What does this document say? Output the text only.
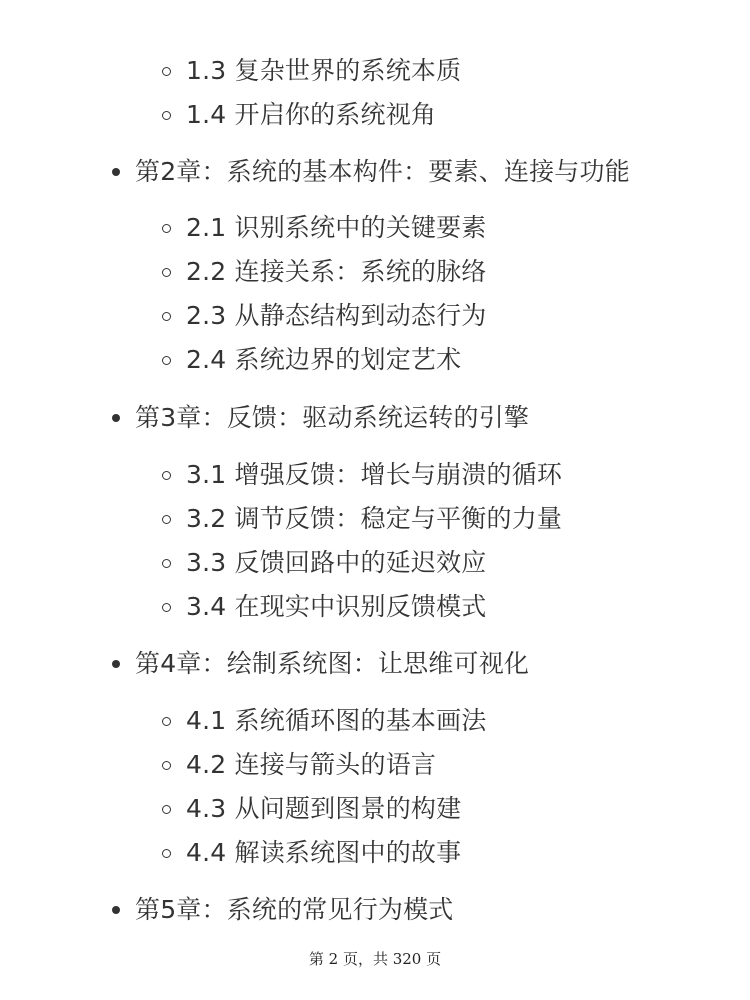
1.3 复杂世界的系统本质
1.4 开启你的系统视角
第2章：系统的基本构件：要素、连接与功能
2.1 识别系统中的关键要素
2.2 连接关系：系统的脉络
2.3 从静态结构到动态行为
2.4 系统边界的划定艺术
第3章：反馈：驱动系统运转的引擎
3.1 增强反馈：增长与崩溃的循环
3.2 调节反馈：稳定与平衡的力量
3.3 反馈回路中的延迟效应
3.4 在现实中识别反馈模式
第4章：绘制系统图：让思维可视化
4.1 系统循环图的基本画法
4.2 连接与箭头的语言
4.3 从问题到图景的构建
4.4 解读系统图中的故事
第5章：系统的常见行为模式
第 2 页，共 320 页
